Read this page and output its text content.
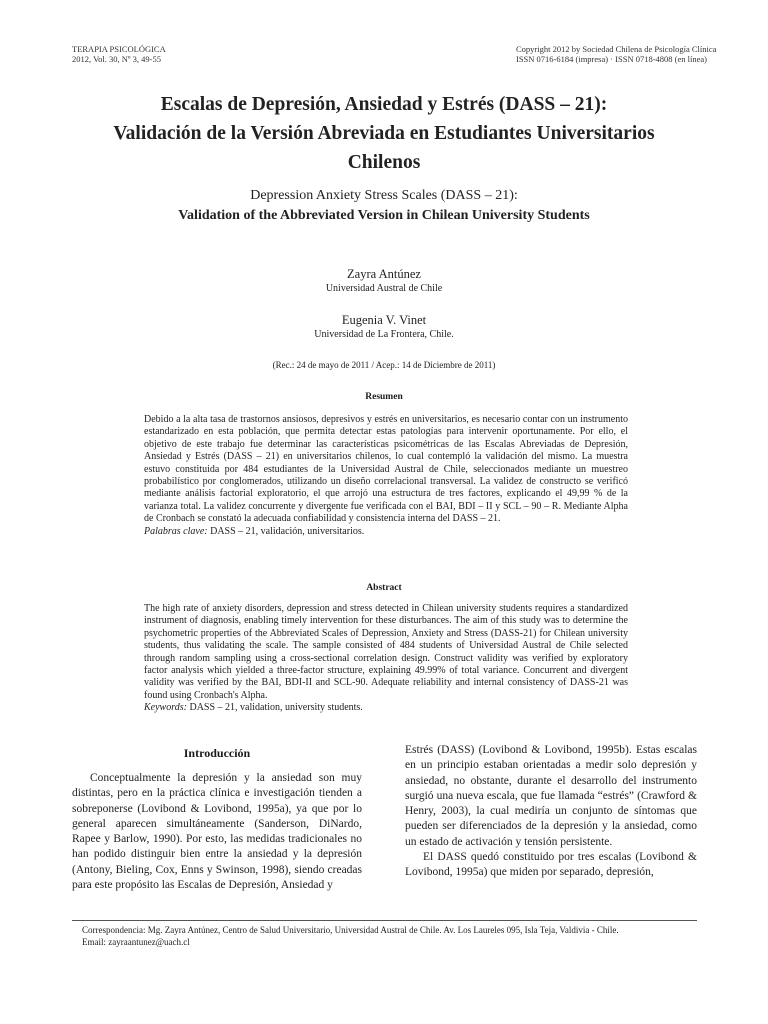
TERAPIA PSICOLÓGICA
2012, Vol. 30, Nº 3, 49-55
Copyright 2012 by Sociedad Chilena de Psicología Clínica
ISSN 0716-6184 (impresa) · ISSN 0718-4808 (en línea)
Escalas de Depresión, Ansiedad y Estrés (DASS – 21):
Validación de la Versión Abreviada en Estudiantes Universitarios
Chilenos
Depression Anxiety Stress Scales (DASS – 21):
Validation of the Abbreviated Version in Chilean University Students
Zayra Antúnez
Universidad Austral de Chile
Eugenia V. Vinet
Universidad de La Frontera, Chile.
(Rec.: 24 de mayo de 2011 / Acep.: 14 de Diciembre de 2011)
Resumen

Debido a la alta tasa de trastornos ansiosos, depresivos y estrés en universitarios, es necesario contar con un instrumento estandarizado en esta población, que permita detectar estas patologías para intervenir oportunamente. Por ello, el objetivo de este trabajo fue determinar las características psicométricas de las Escalas Abreviadas de Depresión, Ansiedad y Estrés (DASS – 21) en universitarios chilenos, lo cual contempló la validación del mismo. La muestra estuvo constituida por 484 estudiantes de la Universidad Austral de Chile, seleccionados mediante un muestreo probabilístico por conglomerados, utilizando un diseño correlacional transversal. La validez de constructo se verificó mediante análisis factorial exploratorio, el que arrojó una estructura de tres factores, explicando el 49,99 % de la varianza total. La validez concurrente y divergente fue verificada con el BAI, BDI – II y SCL – 90 – R. Mediante Alpha de Cronbach se constató la adecuada confiabilidad y consistencia interna del DASS – 21.

Palabras clave: DASS – 21, validación, universitarios.

Abstract

The high rate of anxiety disorders, depression and stress detected in Chilean university students requires a standardized instrument of diagnosis, enabling timely intervention for these disturbances. The aim of this study was to determine the psychometric properties of the Abbreviated Scales of Depression, Anxiety and Stress (DASS-21) for Chilean university students, thus validating the scale. The sample consisted of 484 students of Universidad Austral de Chile selected through random sampling using a cross-sectional correlation design. Construct validity was verified by exploratory factor analysis which yielded a three-factor structure, explaining 49.99% of total variance. Concurrent and divergent validity was verified by the BAI, BDI-II and SCL-90. Adequate reliability and internal consistency of DASS-21 was found using Cronbach's Alpha.

Keywords: DASS – 21, validation, university students.

Introducción

Conceptualmente la depresión y la ansiedad son muy distintas, pero en la práctica clínica e investigación tienden a sobreponerse (Lovibond & Lovibond, 1995a), ya que por lo general aparecen simultáneamente (Sanderson, DiNardo, Rapee y Barlow, 1990). Por esto, las medidas tradicionales no han podido distinguir bien entre la ansiedad y la depresión (Antony, Bieling, Cox, Enns y Swinson, 1998), siendo creadas para este propósito las Escalas de Depresión, Ansiedad y

Estrés (DASS) (Lovibond & Lovibond, 1995b). Estas escalas en un principio estaban orientadas a medir solo depresión y ansiedad, no obstante, durante el desarrollo del instrumento surgió una nueva escala, que fue llamada “estrés” (Crawford & Henry, 2003), la cual mediría un conjunto de síntomas que pueden ser diferenciados de la depresión y la ansiedad, como un estado de activación y tensión persistente.

El DASS quedó constituido por tres escalas (Lovibond & Lovibond, 1995a) que miden por separado, depresión,

Correspondencia: Mg. Zayra Antúnez, Centro de Salud Universitario, Universidad Austral de Chile. Av. Los Laureles 095, Isla Teja, Valdivia - Chile.

Email: zayraantunez@uach.cl
